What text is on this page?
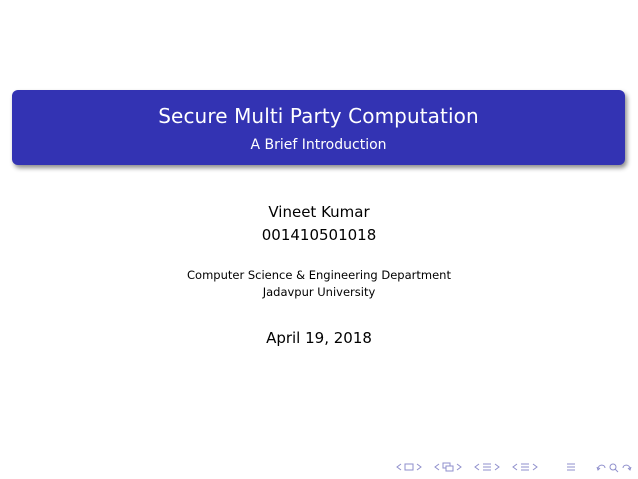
Secure Multi Party Computation
A Brief Introduction
Vineet Kumar
001410501018
Computer Science & Engineering Department
Jadavpur University
April 19, 2018
